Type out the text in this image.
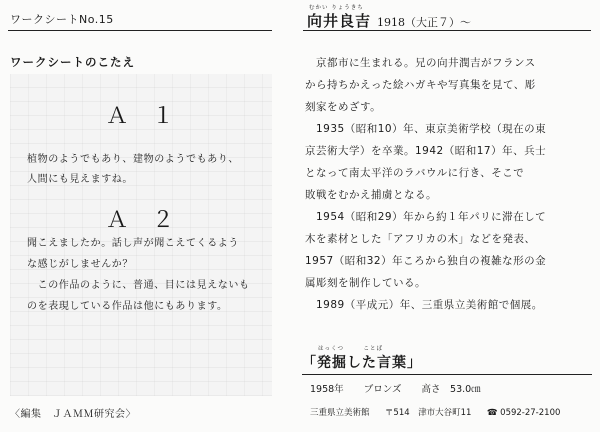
ワークシートNo.15
むかい りょうきち
向井良吉 1918（大正７）～
ワークシートのこたえ
Ａ１
植物のようでもあり、建物のようでもあり、
人間にも見えますね。
Ａ２
聞こえましたか。話し声が聞こえてくるよう
な感じがしませんか？
　この作品のように、普通、目には見えないも
のを表現している作品は他にもあります。
〈編集　ＪＡＭＭ研究会〉
　京都市に生まれる。兄の向井潤吉がフランス
から持ちかえった絵ハガキや写真集を見て、彫
刻家をめざす。
　1935（昭和10）年、東京美術学校（現在の東
京芸術大学）を卒業。1942（昭和17）年、兵士
となって南太平洋のラバウルに行き、そこで
敗戦をむかえ捕虜となる。
　1954（昭和29）年から約１年パリに滞在して
木を素材とした「アフリカの木」などを発表、
1957（昭和32）年ころから独自の複雑な形の金
属彫刻を制作している。
　1989（平成元）年、三重県立美術館で個展。
はっくつ　　　ことば
「発掘した言葉」
1958年 ブロンズ 高さ　53.0㎝
三重県立美術館 〒514　津市大谷町11 ☎ 0592-27-2100
